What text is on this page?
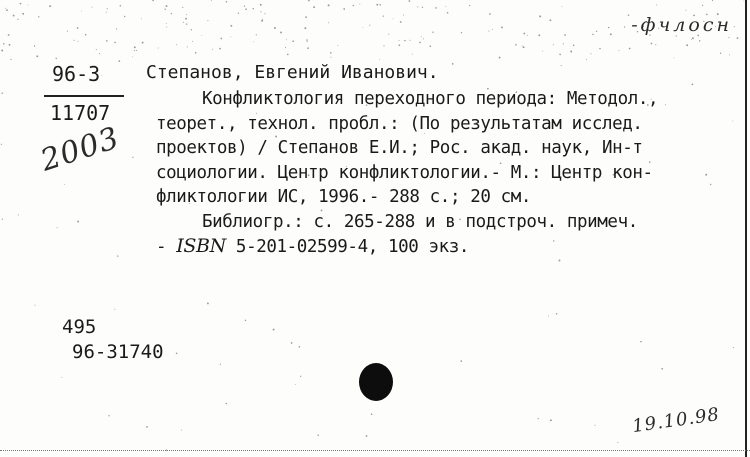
-фчлосн
96-3
11707
2003
Степанов, Евгений Иванович.
Конфликтология переходного периода: Методол.,
теорет., технол. пробл.: (По результатам исслед.
проектов) / Степанов Е.И.; Рос. акад. наук, Ин-т
социологии. Центр конфликтологии.- М.: Центр кон-
фликтологии ИС, 1996.- 288 с.; 20 см.
Библиогр.: с. 265-288 и в подстроч. примеч.
- ISBN 5-201-02599-4, 100 экз.
495
96-31740
19.10.98
